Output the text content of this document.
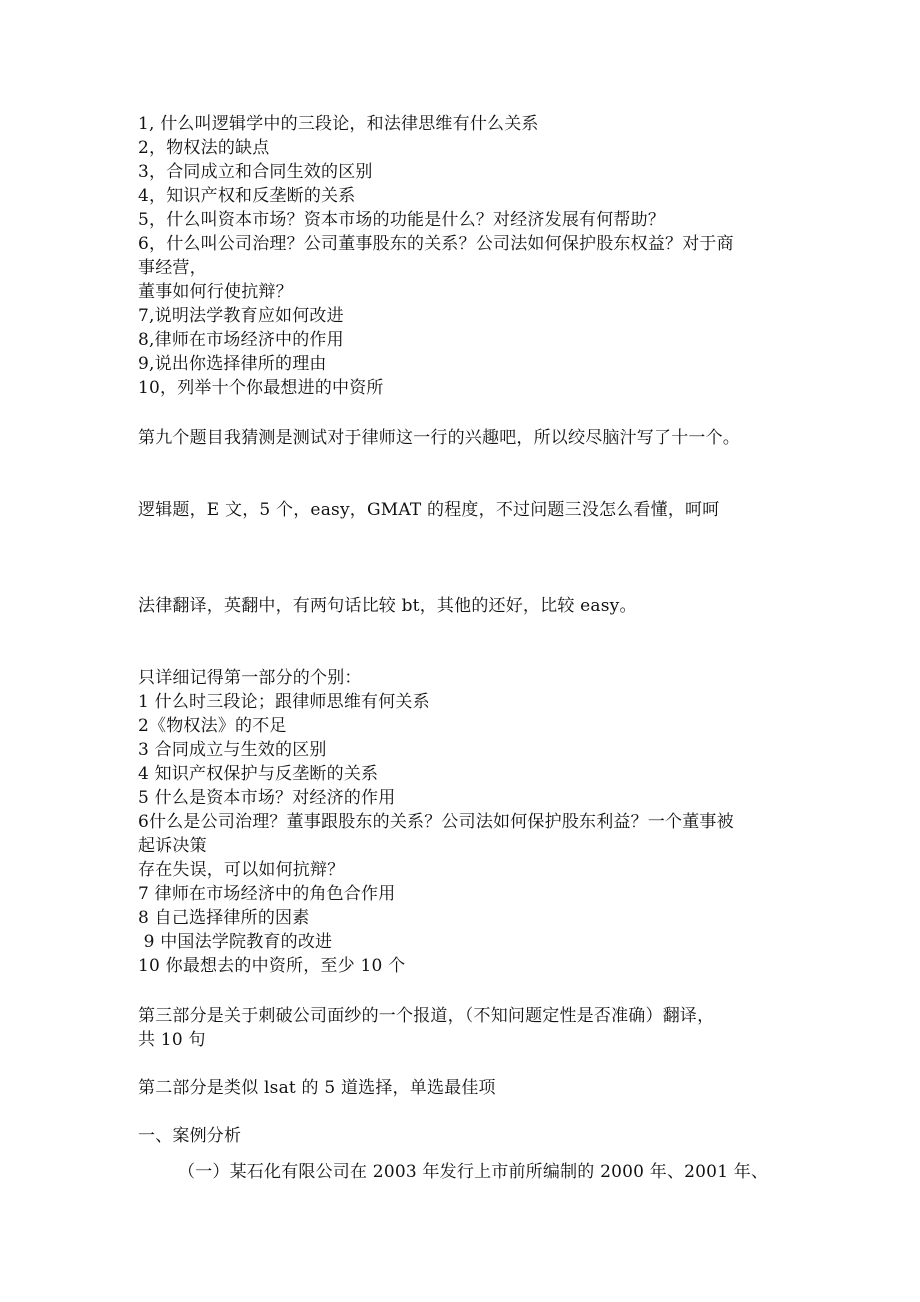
1, 什么叫逻辑学中的三段论，和法律思维有什么关系
2，物权法的缺点
3，合同成立和合同生效的区别
4，知识产权和反垄断的关系
5，什么叫资本市场？资本市场的功能是什么？对经济发展有何帮助？
6，什么叫公司治理？公司董事股东的关系？公司法如何保护股东权益？对于商
事经营，
董事如何行使抗辩？
7,说明法学教育应如何改进
8,律师在市场经济中的作用
9,说出你选择律所的理由
10，列举十个你最想进的中资所
第九个题目我猜测是测试对于律师这一行的兴趣吧，所以绞尽脑汁写了十一个。
逻辑题，E 文，5 个，easy，GMAT 的程度，不过问题三没怎么看懂，呵呵
法律翻译，英翻中，有两句话比较 bt，其他的还好，比较 easy。
只详细记得第一部分的个别：
1 什么时三段论；跟律师思维有何关系
2《物权法》的不足
3 合同成立与生效的区别
4 知识产权保护与反垄断的关系
5 什么是资本市场？对经济的作用
6什么是公司治理？董事跟股东的关系？公司法如何保护股东利益？一个董事被
起诉决策
存在失误，可以如何抗辩？
7 律师在市场经济中的角色合作用
8 自己选择律所的因素
9 中国法学院教育的改进
10 你最想去的中资所，至少 10 个
第三部分是关于刺破公司面纱的一个报道，（不知问题定性是否准确）翻译，
共 10 句
第二部分是类似 lsat 的 5 道选择，单选最佳项
一、案例分析
（一）某石化有限公司在 2003 年发行上市前所编制的 2000 年、2001 年、
